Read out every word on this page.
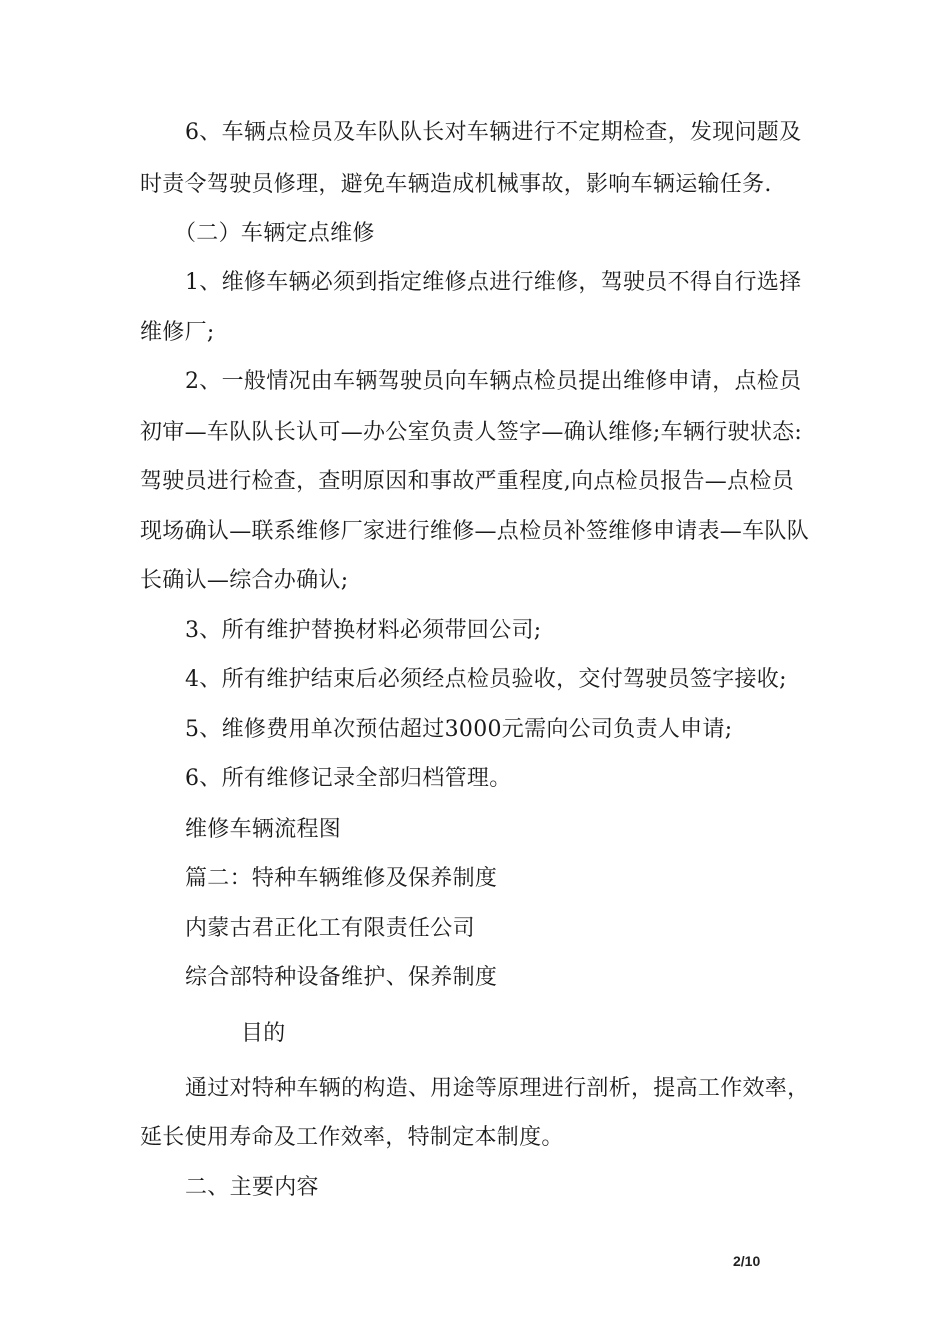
6、车辆点检员及车队队长对车辆进行不定期检查，发现问题及
时责令驾驶员修理，避免车辆造成机械事故，影响车辆运输任务.
（二）车辆定点维修
1、维修车辆必须到指定维修点进行维修，驾驶员不得自行选择
维修厂;
2、一般情况由车辆驾驶员向车辆点检员提出维修申请，点检员
初审—车队队长认可—办公室负责人签字—确认维修;车辆行驶状态:
驾驶员进行检查，查明原因和事故严重程度,向点检员报告—点检员
现场确认—联系维修厂家进行维修—点检员补签维修申请表—车队队
长确认—综合办确认;
3、所有维护替换材料必须带回公司;
4、所有维护结束后必须经点检员验收，交付驾驶员签字接收;
5、维修费用单次预估超过3000元需向公司负责人申请;
6、所有维修记录全部归档管理。
维修车辆流程图
篇二：特种车辆维修及保养制度
内蒙古君正化工有限责任公司
综合部特种设备维护、保养制度
目的
通过对特种车辆的构造、用途等原理进行剖析，提高工作效率，
延长使用寿命及工作效率，特制定本制度。
二、主要内容
2/10
